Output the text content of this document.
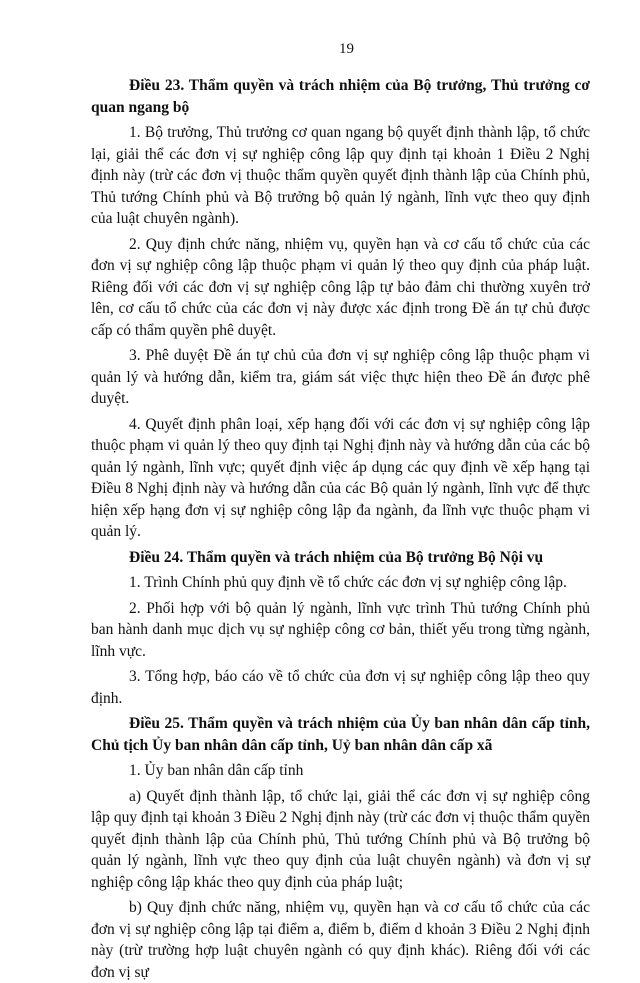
19

Điều 23. Thẩm quyền và trách nhiệm của Bộ trưởng, Thủ trưởng cơ quan ngang bộ

1. Bộ trưởng, Thủ trưởng cơ quan ngang bộ quyết định thành lập, tổ chức lại, giải thể các đơn vị sự nghiệp công lập quy định tại khoản 1 Điều 2 Nghị định này (trừ các đơn vị thuộc thẩm quyền quyết định thành lập của Chính phủ, Thủ tướng Chính phủ và Bộ trưởng bộ quản lý ngành, lĩnh vực theo quy định của luật chuyên ngành).

2. Quy định chức năng, nhiệm vụ, quyền hạn và cơ cấu tổ chức của các đơn vị sự nghiệp công lập thuộc phạm vi quản lý theo quy định của pháp luật. Riêng đối với các đơn vị sự nghiệp công lập tự bảo đảm chi thường xuyên trở lên, cơ cấu tổ chức của các đơn vị này được xác định trong Đề án tự chủ được cấp có thẩm quyền phê duyệt.

3. Phê duyệt Đề án tự chủ của đơn vị sự nghiệp công lập thuộc phạm vi quản lý và hướng dẫn, kiểm tra, giám sát việc thực hiện theo Đề án được phê duyệt.

4. Quyết định phân loại, xếp hạng đối với các đơn vị sự nghiệp công lập thuộc phạm vi quản lý theo quy định tại Nghị định này và hướng dẫn của các bộ quản lý ngành, lĩnh vực; quyết định việc áp dụng các quy định về xếp hạng tại Điều 8 Nghị định này và hướng dẫn của các Bộ quản lý ngành, lĩnh vực để thực hiện xếp hạng đơn vị sự nghiệp công lập đa ngành, đa lĩnh vực thuộc phạm vi quản lý.

Điều 24. Thẩm quyền và trách nhiệm của Bộ trưởng Bộ Nội vụ

1. Trình Chính phủ quy định về tổ chức các đơn vị sự nghiệp công lập.

2. Phối hợp với bộ quản lý ngành, lĩnh vực trình Thủ tướng Chính phủ ban hành danh mục dịch vụ sự nghiệp công cơ bản, thiết yếu trong từng ngành, lĩnh vực.

3. Tổng hợp, báo cáo về tổ chức của đơn vị sự nghiệp công lập theo quy định.

Điều 25. Thẩm quyền và trách nhiệm của Ủy ban nhân dân cấp tỉnh, Chủ tịch Ủy ban nhân dân cấp tỉnh, Uỷ ban nhân dân cấp xã

1. Ủy ban nhân dân cấp tỉnh

a) Quyết định thành lập, tổ chức lại, giải thể các đơn vị sự nghiệp công lập quy định tại khoản 3 Điều 2 Nghị định này (trừ các đơn vị thuộc thẩm quyền quyết định thành lập của Chính phủ, Thủ tướng Chính phủ và Bộ trưởng bộ quản lý ngành, lĩnh vực theo quy định của luật chuyên ngành) và đơn vị sự nghiệp công lập khác theo quy định của pháp luật;

b) Quy định chức năng, nhiệm vụ, quyền hạn và cơ cấu tổ chức của các đơn vị sự nghiệp công lập tại điểm a, điểm b, điểm d khoản 3 Điều 2 Nghị định này (trừ trường hợp luật chuyên ngành có quy định khác). Riêng đối với các đơn vị sự
